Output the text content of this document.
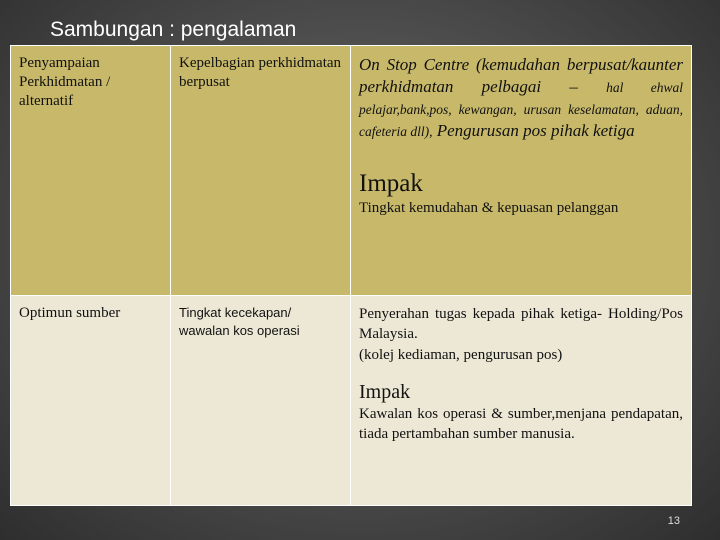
Sambungan : pengalaman
Penyampaian Perkhidmatan / alternatif	Kepelbagian perkhidmatan berpusat	On Stop Centre (kemudahan berpusat/kaunter perkhidmatan pelbagai – hal ehwal pelajar,bank,pos, kewangan, urusan keselamatan, aduan, cafeteria dll), Pengurusan pos pihak ketiga
Impak
Tingkat kemudahan & kepuasan pelanggan

Optimun sumber	Tingkat kecekapan/ wawalan kos operasi	Penyerahan tugas kepada pihak ketiga- Holding/Pos Malaysia.
(kolej kediaman, pengurusan pos)
Impak
Kawalan kos operasi & sumber,menjana pendapatan, tiada pertambahan sumber manusia.
13
